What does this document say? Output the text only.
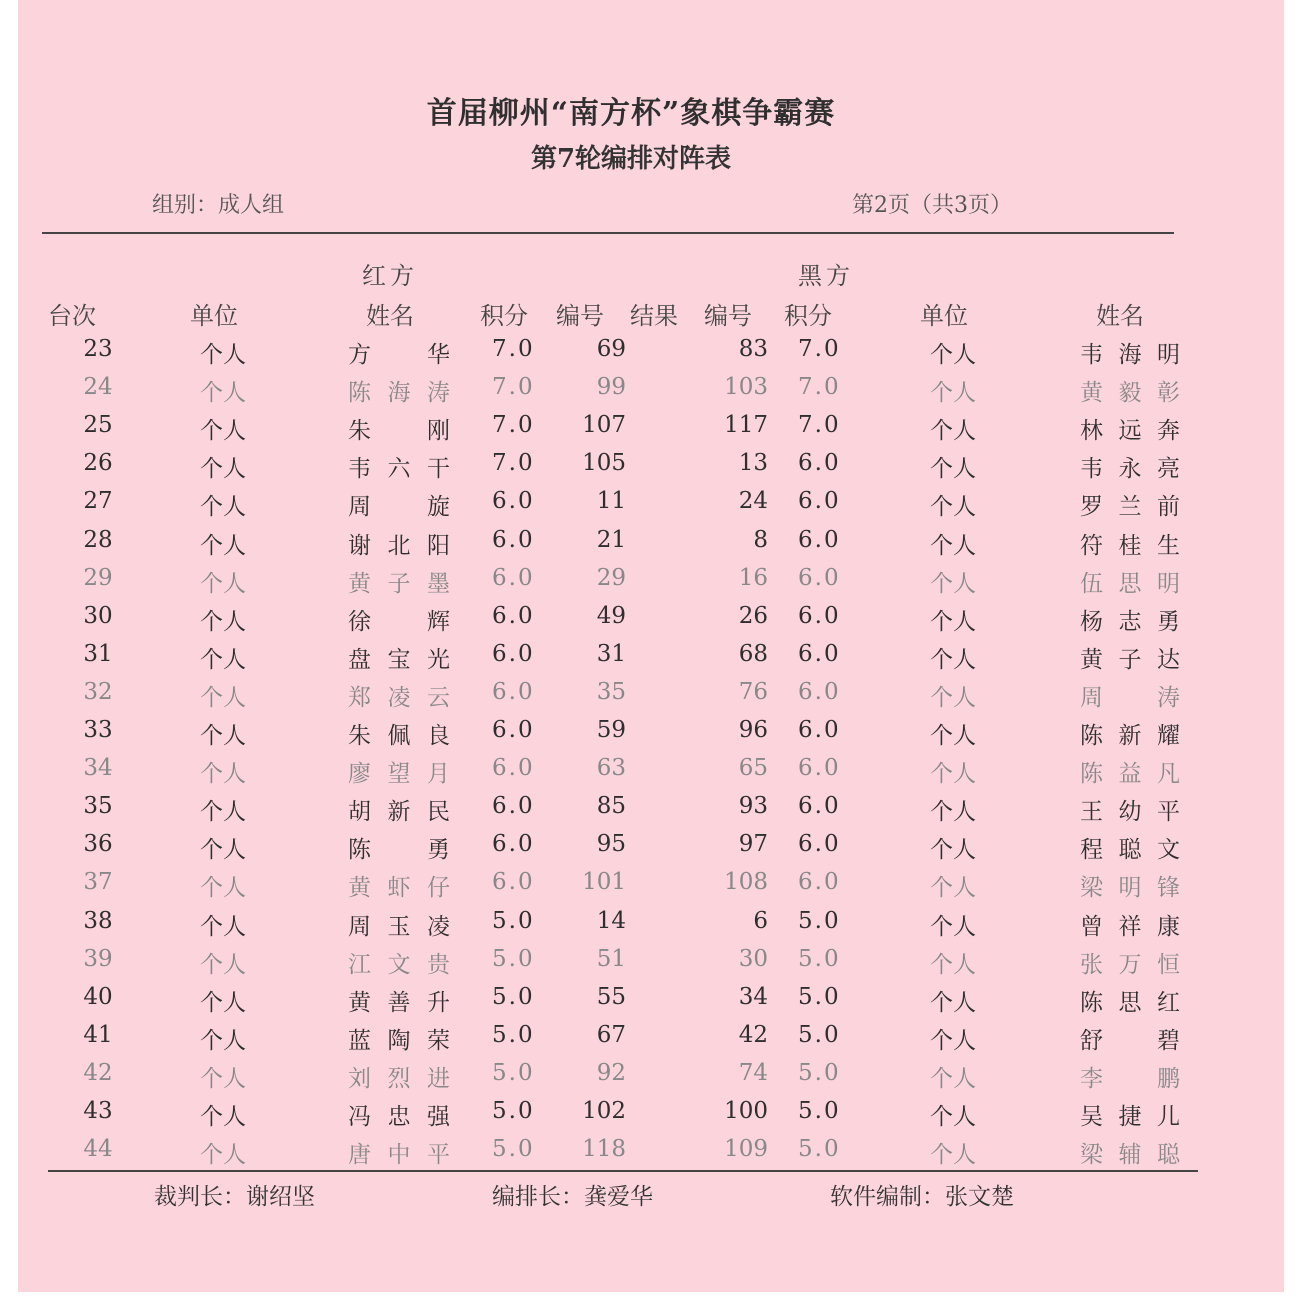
首届柳州“南方杯”象棋争霸赛
第7轮编排对阵表
组别：成人组	第2页（共3页）
红方	黑方
台次	单位	姓名	积分 编号 结果 编号 积分	单位	姓名
23	个人	方　华 7.0	69	83 7.0	个人	韦海明
24	个人	陈海涛 7.0	99	103 7.0	个人	黄毅彰
25	个人	朱　刚 7.0	107	117 7.0	个人	林远奔
26	个人	韦六干 7.0	105	13 6.0	个人	韦永亮
27	个人	周　旋 6.0	11	24 6.0	个人	罗兰前
28	个人	谢北阳 6.0	21	8 6.0	个人	符桂生
29	个人	黄子墨 6.0	29	16 6.0	个人	伍思明
30	个人	徐　辉 6.0	49	26 6.0	个人	杨志勇
31	个人	盘宝光 6.0	31	68 6.0	个人	黄子达
32	个人	郑凌云 6.0	35	76 6.0	个人	周　涛
33	个人	朱佩良 6.0	59	96 6.0	个人	陈新耀
34	个人	廖望月 6.0	63	65 6.0	个人	陈益凡
35	个人	胡新民 6.0	85	93 6.0	个人	王幼平
36	个人	陈　勇 6.0	95	97 6.0	个人	程聪文
37	个人	黄虾仔 6.0	101	108 6.0	个人	梁明锋
38	个人	周玉凌 5.0	14	6 5.0	个人	曾祥康
39	个人	江文贵 5.0	51	30 5.0	个人	张万恒
40	个人	黄善升 5.0	55	34 5.0	个人	陈思红
41	个人	蓝陶荣 5.0	67	42 5.0	个人	舒　碧
42	个人	刘烈进 5.0	92	74 5.0	个人	李　鹏
43	个人	冯忠强 5.0	102	100 5.0	个人	吴捷儿
44	个人	唐中平 5.0	118	109 5.0	个人	梁辅聪
裁判长：谢绍坚	编排长：龚爱华	软件编制：张文楚
